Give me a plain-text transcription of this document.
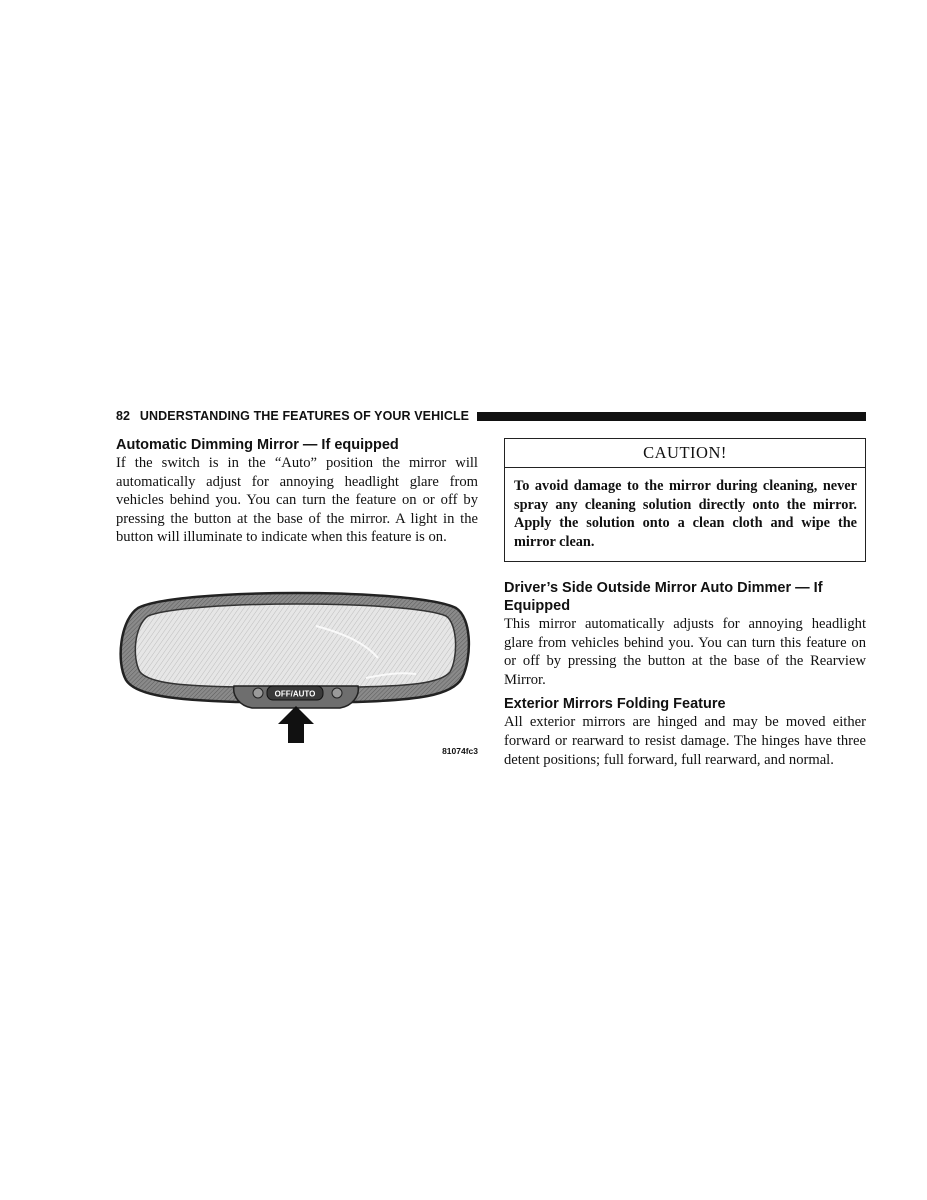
82 UNDERSTANDING THE FEATURES OF YOUR VEHICLE
Automatic Dimming Mirror — If equipped

If the switch is in the “Auto” position the mirror will automatically adjust for annoying headlight glare from vehicles behind you. You can turn the feature on or off by pressing the button at the base of the mirror. A light in the button will illuminate to indicate when this feature is on.

OFF/AUTO
81074fc3
CAUTION!
To avoid damage to the mirror during cleaning, never spray any cleaning solution directly onto the mirror. Apply the solution onto a clean cloth and wipe the mirror clean.
Driver’s Side Outside Mirror Auto Dimmer — If Equipped

This mirror automatically adjusts for annoying headlight glare from vehicles behind you. You can turn this feature on or off by pressing the button at the base of the Rearview Mirror.

Exterior Mirrors Folding Feature

All exterior mirrors are hinged and may be moved either forward or rearward to resist damage. The hinges have three detent positions; full forward, full rearward, and normal.
